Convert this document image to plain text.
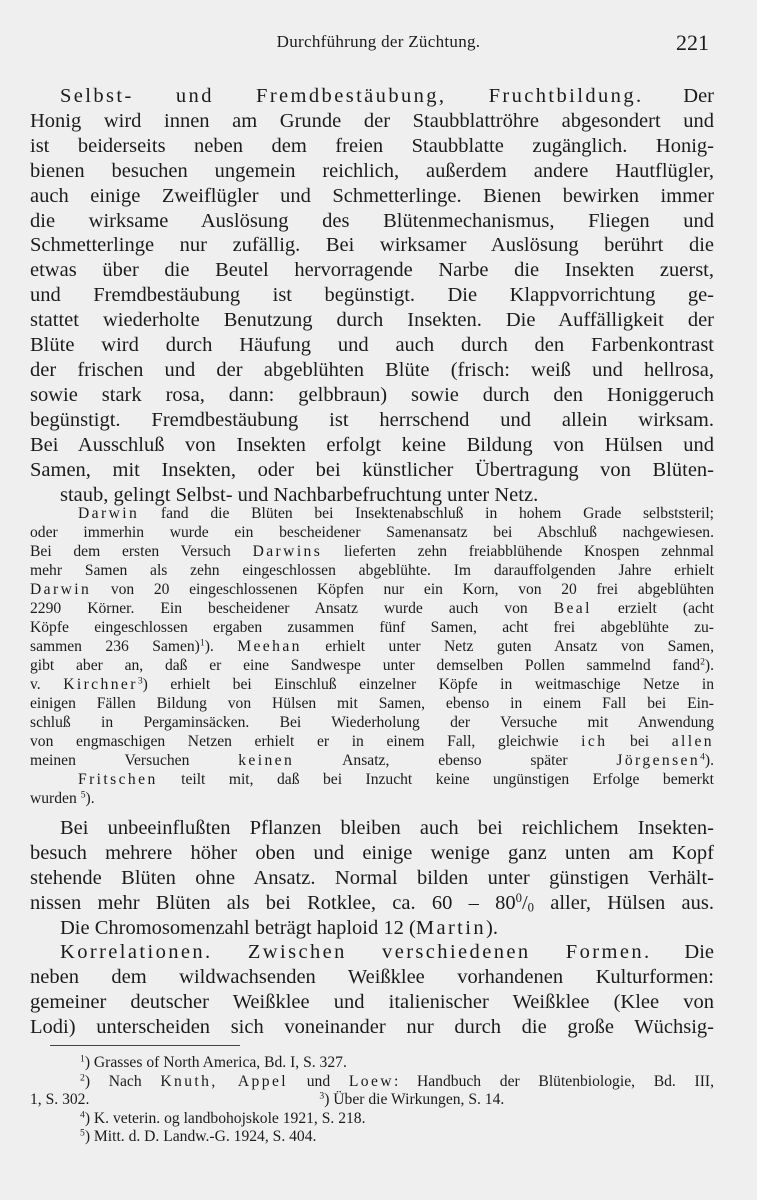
Durchführung der Züchtung.	221
Selbst- und Fremdbestäubung, Fruchtbildung. Der
Honig wird innen am Grunde der Staubblattröhre abgesondert und
ist beiderseits neben dem freien Staubblatte zugänglich. Honig-
bienen besuchen ungemein reichlich, außerdem andere Hautflügler,
auch einige Zweiflügler und Schmetterlinge. Bienen bewirken immer
die wirksame Auslösung des Blütenmechanismus, Fliegen und
Schmetterlinge nur zufällig. Bei wirksamer Auslösung berührt die
etwas über die Beutel hervorragende Narbe die Insekten zuerst,
und Fremdbestäubung ist begünstigt. Die Klappvorrichtung ge-
stattet wiederholte Benutzung durch Insekten. Die Auffälligkeit der
Blüte wird durch Häufung und auch durch den Farbenkontrast
der frischen und der abgeblühten Blüte (frisch: weiß und hellrosa,
sowie stark rosa, dann: gelbbraun) sowie durch den Honiggeruch
begünstigt. Fremdbestäubung ist herrschend und allein wirksam.
Bei Ausschluß von Insekten erfolgt keine Bildung von Hülsen und
Samen, mit Insekten, oder bei künstlicher Übertragung von Blüten-
staub, gelingt Selbst- und Nachbarbefruchtung unter Netz.
Darwin fand die Blüten bei Insektenabschluß in hohem Grade selbststeril;
oder immerhin wurde ein bescheidener Samenansatz bei Abschluß nachgewiesen.
Bei dem ersten Versuch Darwins lieferten zehn freiabblühende Knospen zehnmal
mehr Samen als zehn eingeschlossen abgeblühte. Im darauffolgenden Jahre erhielt
Darwin von 20 eingeschlossenen Köpfen nur ein Korn, von 20 frei abgeblühten
2290 Körner. Ein bescheidener Ansatz wurde auch von Beal erzielt (acht
Köpfe eingeschlossen ergaben zusammen fünf Samen, acht frei abgeblühte zu-
sammen 236 Samen)$^1$). Meehan erhielt unter Netz guten Ansatz von Samen,
gibt aber an, daß er eine Sandwespe unter demselben Pollen sammelnd fand$^2$).
v. Kirchner$^3$) erhielt bei Einschluß einzelner Köpfe in weitmaschige Netze in
einigen Fällen Bildung von Hülsen mit Samen, ebenso in einem Fall bei Ein-
schluß in Pergaminsäcken. Bei Wiederholung der Versuche mit Anwendung
von engmaschigen Netzen erhielt er in einem Fall, gleichwie ich bei allen
meinen Versuchen keinen Ansatz, ebenso später Jörgensen$^4$).
Fritschen teilt mit, daß bei Inzucht keine ungünstigen Erfolge bemerkt
wurden $^5$).
Bei unbeeinflußten Pflanzen bleiben auch bei reichlichem Insekten-
besuch mehrere höher oben und einige wenige ganz unten am Kopf
stehende Blüten ohne Ansatz. Normal bilden unter günstigen Verhält-
nissen mehr Blüten als bei Rotklee, ca. $60 - 80^0/_0$ aller, Hülsen aus.
Die Chromosomenzahl beträgt haploid 12 (Martin).
Korrelationen. Zwischen verschiedenen Formen. Die
neben dem wildwachsenden Weißklee vorhandenen Kulturformen:
gemeiner deutscher Weißklee und italienischer Weißklee (Klee von
Lodi) unterscheiden sich voneinander nur durch die große Wüchsig-
$^1$) Grasses of North America, Bd. I, S. 327.
$^2$) Nach Knuth, Appel und Loew: Handbuch der Blütenbiologie, Bd. III,
1, S. 302.	$^3$) Über die Wirkungen, S. 14.
$^4$) K. veterin. og landbohojskole 1921, S. 218.
$^5$) Mitt. d. D. Landw.-G. 1924, S. 404.
